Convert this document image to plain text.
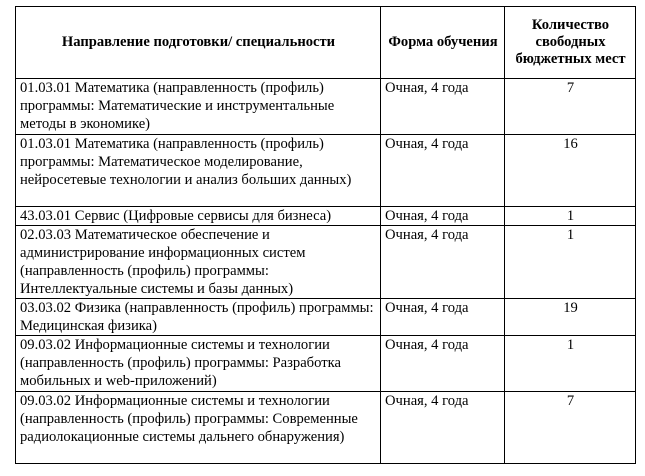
Направление подготовки/ специальности	Форма обучения	Количество свободных бюджетных мест
01.03.01 Математика (направленность (профиль) программы: Математические и инструментальные методы в экономике)	Очная, 4 года	7
01.03.01 Математика (направленность (профиль) программы: Математическое моделирование, нейросетевые технологии и анализ больших данных)	Очная, 4 года	16
43.03.01 Сервис (Цифровые сервисы для бизнеса)	Очная, 4 года	1
02.03.03 Математическое обеспечение и администрирование информационных систем (направленность (профиль) программы: Интеллектуальные системы и базы данных)	Очная, 4 года	1
03.03.02 Физика (направленность (профиль) программы: Медицинская физика)	Очная, 4 года	19
09.03.02 Информационные системы и технологии (направленность (профиль) программы: Разработка мобильных и web-приложений)	Очная, 4 года	1
09.03.02 Информационные системы и технологии (направленность (профиль) программы: Современные радиолокационные системы дальнего обнаружения)	Очная, 4 года	7
